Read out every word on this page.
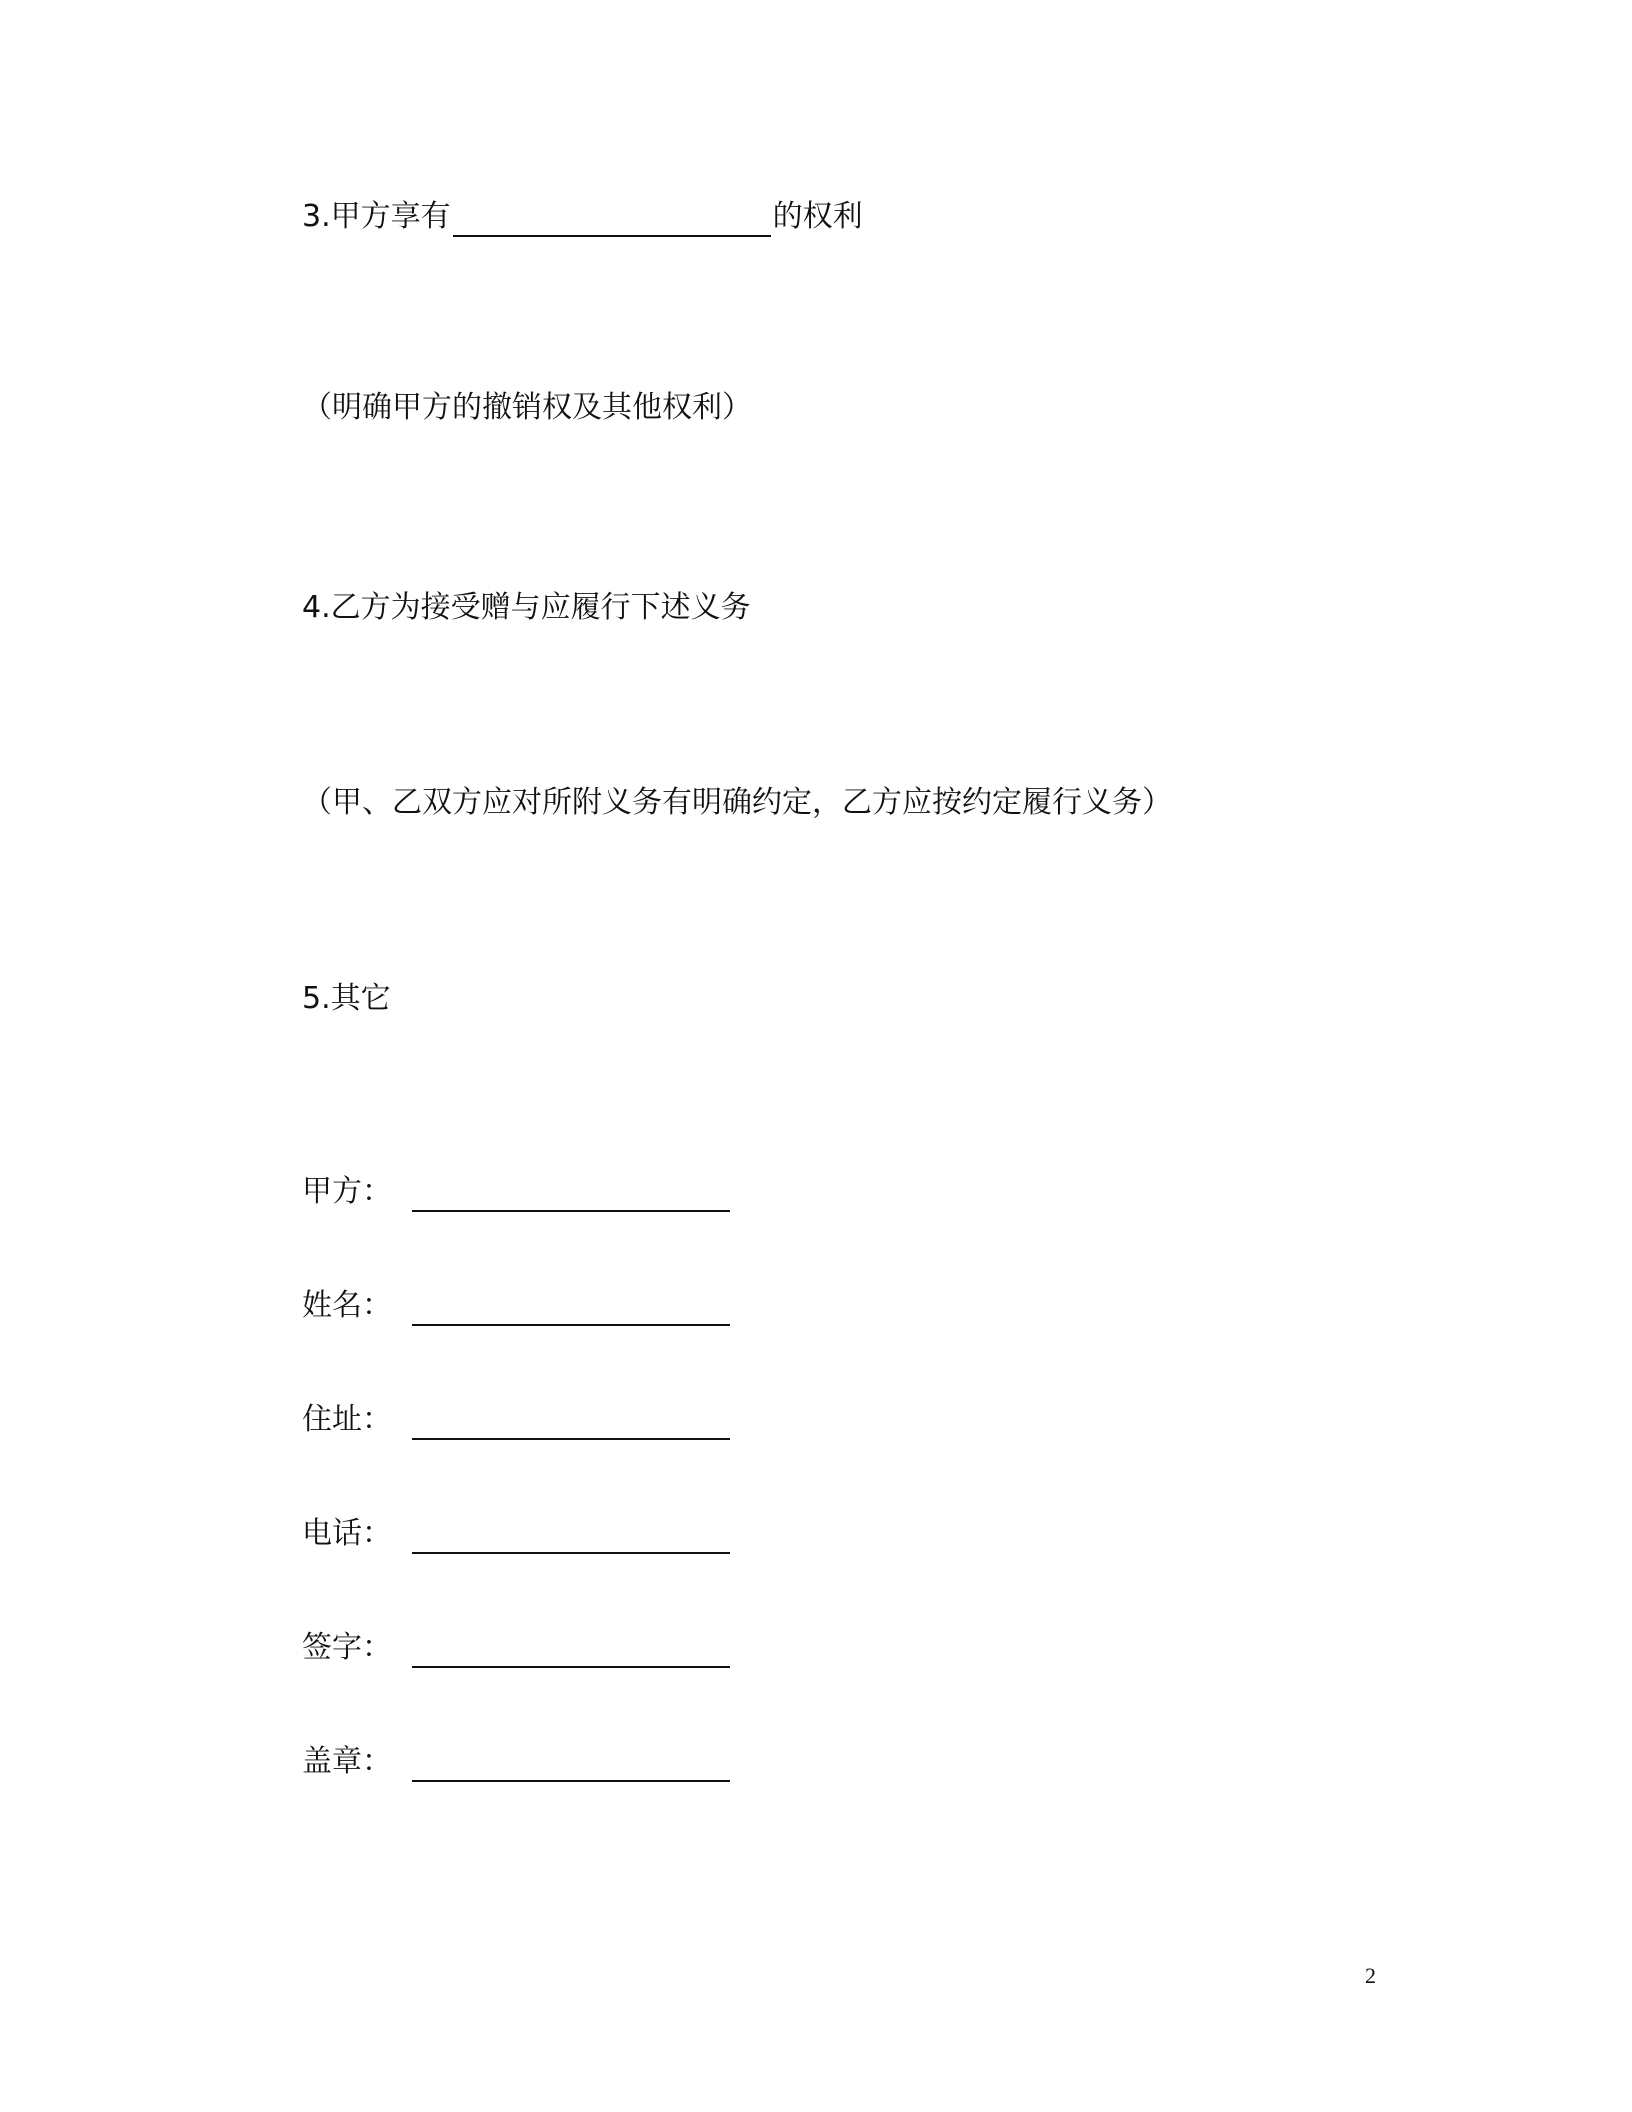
3.甲方享有	的权利
（明确甲方的撤销权及其他权利）
4.乙方为接受赠与应履行下述义务
（甲、乙双方应对所附义务有明确约定，乙方应按约定履行义务）
5.其它
甲方：
姓名：
住址：
电话：
签字：
盖章：
2
